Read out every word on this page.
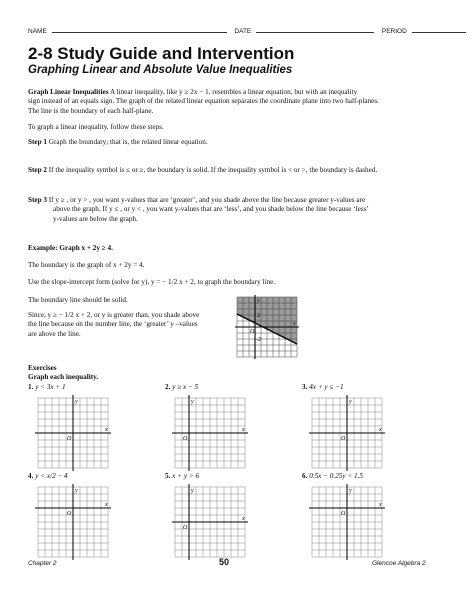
NAME	DATE	PERIOD
2-8 Study Guide and Intervention
Graphing Linear and Absolute Value Inequalities
Graph Linear Inequalities A linear inequality, like y ≥ 2x − 1, resembles a linear equation, but with an inequality
sign instead of an equals sign. The graph of the related linear equation separates the coordinate plane into two half-planes.
The line is the boundary of each half-plane.
To graph a linear inequality, follow these steps.
Step 1 Graph the boundary; that is, the related linear equation.
Step 2 If the inequality symbol is ≤ or ≥, the boundary is solid. If the inequality symbol is < or >, the boundary is dashed.
Step 3 If y ≥ , or y > , you want y-values that are ‘greater’, and you shade above the line because greater y-values are
above the graph. If y ≤ , or y < , you want y-values that are ‘less’, and you shade below the line because ‘less’
y-values are below the graph.
Example: Graph x + 2y ≥ 4.
The boundary is the graph of x + 2y = 4.
Use the slope-intercept form (solve for y), y = − 1/2 x + 2, to graph the boundary line.
The boundary line should be solid.
Since, y ≥ − 1/2 x + 2, or y is greater than, you shade above
the line because on the number line, the ‘greater’ y –values
are above the line.
y
x
O
2
-2
Exercises
Graph each inequality.
1. y < 3x + 1	2. y ≥ x − 5	3. 4x + y ≤ −1
4. y < x/2 − 4	5. x + y > 6	6. 0.5x − 0.25y < 1.5
y
x
O
y
x
O
y
x
O
y
x
O
y
x
O
y
x
O
Chapter 2	50	Glencoe Algebra 2
